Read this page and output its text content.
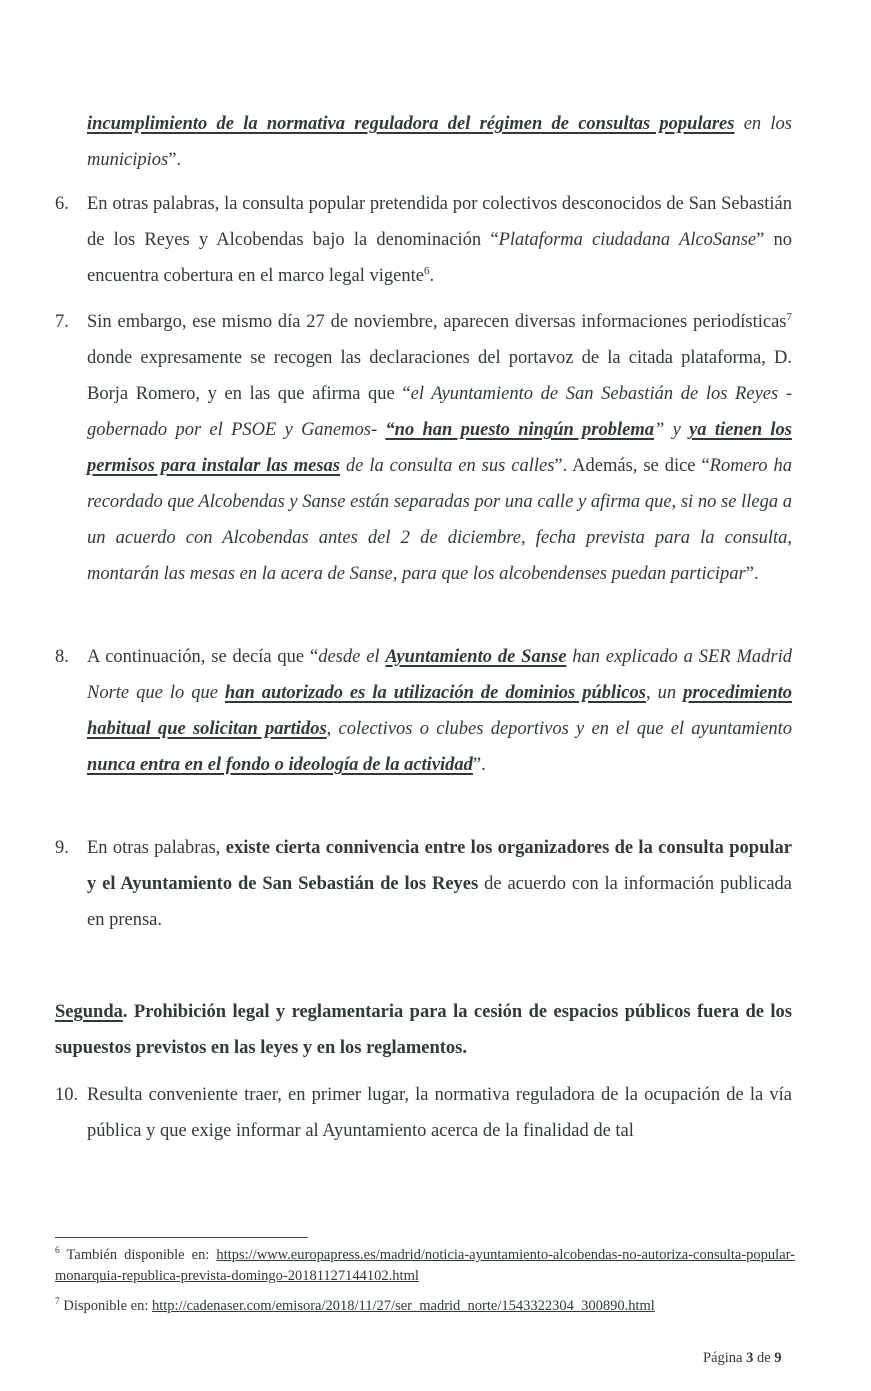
incumplimiento de la normativa reguladora del régimen de consultas populares en los municipios”.

6. En otras palabras, la consulta popular pretendida por colectivos desconocidos de San Sebastián de los Reyes y Alcobendas bajo la denominación “Plataforma ciudadana AlcoSanse” no encuentra cobertura en el marco legal vigente$^6$.
7. Sin embargo, ese mismo día 27 de noviembre, aparecen diversas informaciones periodísticas$^7$ donde expresamente se recogen las declaraciones del portavoz de la citada plataforma, D. Borja Romero, y en las que afirma que “el Ayuntamiento de San Sebastián de los Reyes -gobernado por el PSOE y Ganemos- “no han puesto ningún problema” y ya tienen los permisos para instalar las mesas de la consulta en sus calles”. Además, se dice “Romero ha recordado que Alcobendas y Sanse están separadas por una calle y afirma que, si no se llega a un acuerdo con Alcobendas antes del 2 de diciembre, fecha prevista para la consulta, montarán las mesas en la acera de Sanse, para que los alcobendenses puedan participar”.
8. A continuación, se decía que “desde el Ayuntamiento de Sanse han explicado a SER Madrid Norte que lo que han autorizado es la utilización de dominios públicos, un procedimiento habitual que solicitan partidos, colectivos o clubes deportivos y en el que el ayuntamiento nunca entra en el fondo o ideología de la actividad”.
9. En otras palabras, existe cierta connivencia entre los organizadores de la consulta popular y el Ayuntamiento de San Sebastián de los Reyes de acuerdo con la información publicada en prensa.

Segunda. Prohibición legal y reglamentaria para la cesión de espacios públicos fuera de los supuestos previstos en las leyes y en los reglamentos.

10. Resulta conveniente traer, en primer lugar, la normativa reguladora de la ocupación de la vía pública y que exige informar al Ayuntamiento acerca de la finalidad de tal

$^6$ También disponible en: https://www.europapress.es/madrid/noticia-ayuntamiento-alcobendas-no-autoriza-consulta-popular-monarquia-republica-prevista-domingo-20181127144102.html

$^7$ Disponible en: http://cadenaser.com/emisora/2018/11/27/ser_madrid_norte/1543322304_300890.html

Página 3 de 9
